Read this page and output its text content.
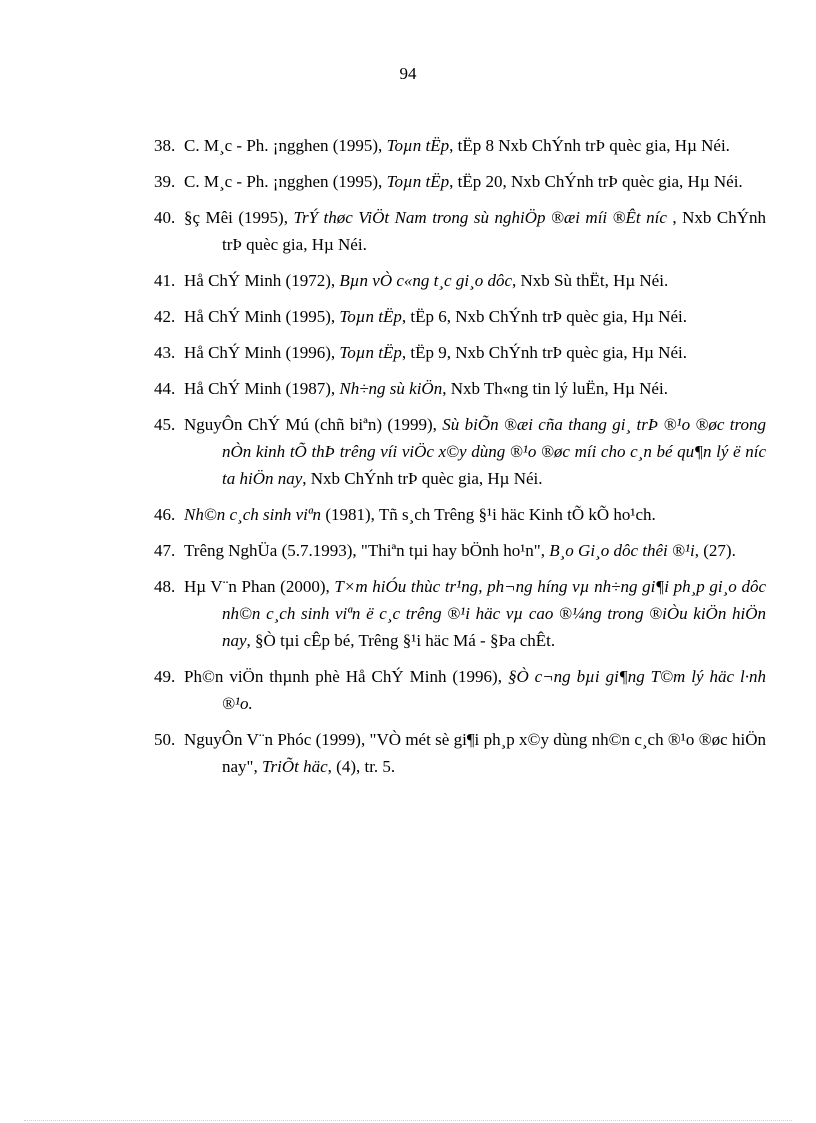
94
38. C. M¸c - Ph. ¡ngghen (1995), Toµn tËp, tËp 8 Nxb ChÝnh trÞ quèc gia, Hµ Néi.
39. C. M¸c - Ph. ¡ngghen (1995), Toµn tËp, tËp 20, Nxb ChÝnh trÞ quèc gia, Hµ Néi.
40. §ç Mêi (1995), TrÝ thøc ViÖt Nam trong sù nghiÖp ®æi míi ®Êt níc , Nxb ChÝnh trÞ quèc gia, Hµ Néi.
41. Hå ChÝ Minh (1972), Bµn vÒ c«ng t¸c gi¸o dôc, Nxb Sù thËt, Hµ Néi.
42. Hå ChÝ Minh (1995), Toµn tËp, tËp 6, Nxb ChÝnh trÞ quèc gia, Hµ Néi.
43. Hå ChÝ Minh (1996), Toµn tËp, tËp 9, Nxb ChÝnh trÞ quèc gia, Hµ Néi.
44. Hå ChÝ Minh (1987), Nh÷ng sù kiÖn, Nxb Th«ng tin lý luËn, Hµ Néi.
45. NguyÔn ChÝ Mú (chñ biªn) (1999), Sù biÕn ®æi cña thang gi¸ trÞ ®¹o ®øc trong nÒn kinh tÕ thÞ trêng víi viÖc x©y dùng ®¹o ®øc míi cho c¸n bé qu¶n lý ë níc ta hiÖn nay, Nxb ChÝnh trÞ quèc gia, Hµ Néi.
46. Nh©n c¸ch sinh viªn (1981), Tñ s¸ch Trêng §¹i häc Kinh tÕ kÕ ho¹ch.
47. Trêng NghÜa (5.7.1993), "Thiªn tµi hay bÖnh ho¹n", B¸o Gi¸o dôc thêi ®¹i, (27).
48. Hµ V¨n Phan (2000), T×m hiÓu thùc tr¹ng, ph¬ng híng vµ nh÷ng gi¶i ph¸p gi¸o dôc nh©n c¸ch sinh viªn ë c¸c trêng ®¹i häc vµ cao ®¼ng trong ®iÒu kiÖn hiÖn nay, §Ò tµi cÊp bé, Trêng §¹i häc Má - §Þa chÊt.
49. Ph©n viÖn thµnh phè Hå ChÝ Minh (1996), §Ò c¬ng bµi gi¶ng T©m lý häc l·nh ®¹o.
50. NguyÔn V¨n Phóc (1999), "VÒ mét sè gi¶i ph¸p x©y dùng nh©n c¸ch ®¹o ®øc hiÖn nay", TriÕt häc, (4), tr. 5.
